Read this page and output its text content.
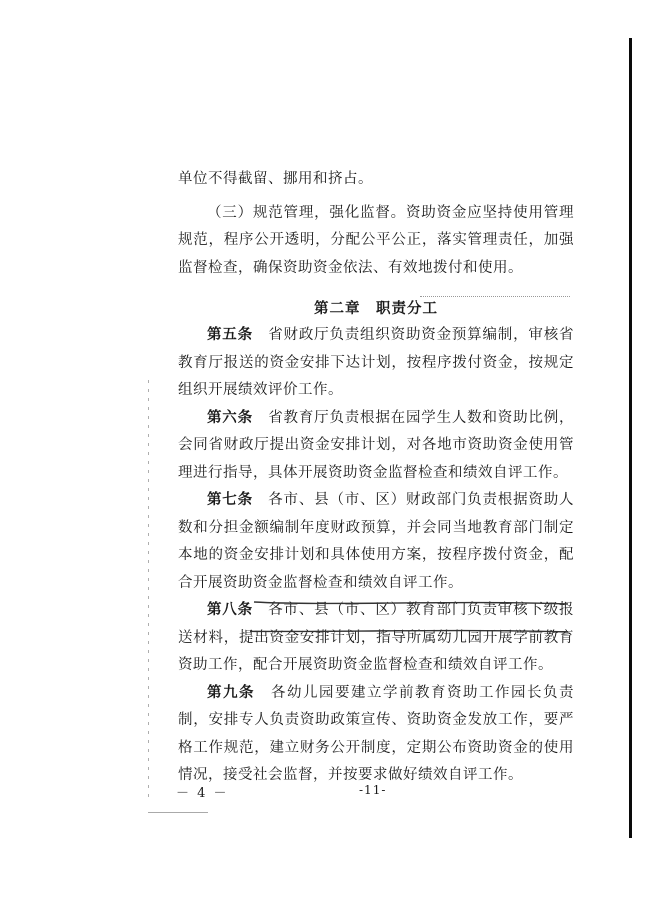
单位不得截留、挪用和挤占。

（三）规范管理，强化监督。资助资金应坚持使用管理规范，程序公开透明，分配公平公正，落实管理责任，加强监督检查，确保资助资金依法、有效地拨付和使用。

第二章　职责分工

第五条　省财政厅负责组织资助资金预算编制，审核省教育厅报送的资金安排下达计划，按程序拨付资金，按规定组织开展绩效评价工作。

第六条　省教育厅负责根据在园学生人数和资助比例，会同省财政厅提出资金安排计划，对各地市资助资金使用管理进行指导，具体开展资助资金监督检查和绩效自评工作。

第七条　各市、县（市、区）财政部门负责根据资助人数和分担金额编制年度财政预算，并会同当地教育部门制定本地的资金安排计划和具体使用方案，按程序拨付资金，配合开展资助资金监督检查和绩效自评工作。

第八条　各市、县（市、区）教育部门负责审核下级报送材料，提出资金安排计划，指导所属幼儿园开展学前教育资助工作，配合开展资助资金监督检查和绩效自评工作。

第九条　各幼儿园要建立学前教育资助工作园长负责制，安排专人负责资助政策宣传、资助资金发放工作，要严格工作规范，建立财务公开制度，定期公布资助资金的使用情况，接受社会监督，并按要求做好绩效自评工作。

－ 4 －	-11-
